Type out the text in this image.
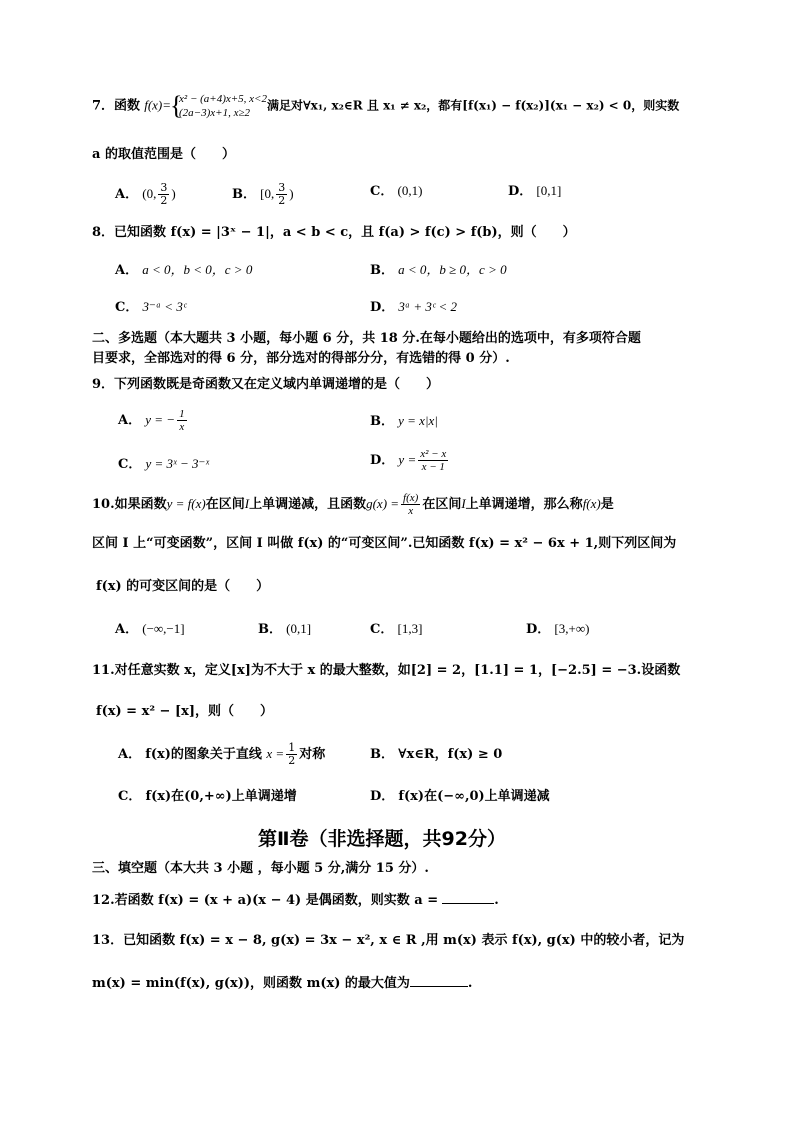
7．函数 f(x)=
{ x² − (a+4)x+5, x<2
(2a−3)x+1, x≥2
满足对∀x₁, x₂∈R 且 x₁ ≠ x₂，都有[f(x₁) − f(x₂)](x₁ − x₂) < 0，则实数
a 的取值范围是（　　）
A． (0, $\frac{3}{2}$ )	B． [0, $\frac{3}{2}$ )	C． (0,1)	D． [0,1]
8．已知函数 f(x) = |3ˣ − 1|，a < b < c，且 f(a) > f(c) > f(b)，则（　　）
A． a < 0，b < 0，c > 0	B． a < 0，b ≥ 0，c > 0
C． 3⁻ᵃ < 3ᶜ	D． 3ᵃ + 3ᶜ < 2
二、多选题（本大题共 3 小题，每小题 6 分，共 18 分.在每小题给出的选项中，有多项符合题
目要求，全部选对的得 6 分，部分选对的得部分分，有选错的得 0 分）.
9．下列函数既是奇函数又在定义域内单调递增的是（　　）
A． y = − $\frac{1}{x}$	B． y = x|x|
C． y = 3ˣ − 3⁻ˣ	D． $y = \frac{\text{x² − x}}{x - 1}$
10.如果函数y = f(x)在区间I上单调递减，且函数$g(x) = \frac{f(x)}{x}$ 在区间I上单调递增，那么称f(x)是
区间 I 上“可变函数”，区间 I 叫做 f(x) 的“可变区间”.已知函数 f(x) = x² − 6x + 1,则下列区间为
f(x) 的可变区间的是（　　）
A． (−∞,−1]	B． (0,1]	C． [1,3]	D． [3,+∞)
11.对任意实数 x，定义[x]为不大于 x 的最大整数，如[2] = 2，[1.1] = 1，[−2.5] = −3.设函数
f(x) = x² − [x]，则（　　）
A． f(x)的图象关于直线 $x = \frac{1}{2}$ 对称	B． ∀x∈R，f(x) ≥ 0
C． f(x)在(0,+∞)上单调递增	D． f(x)在(−∞,0)上单调递减
第Ⅱ卷（非选择题，共92分）
三、填空题（本大共 3 小题 ，每小题 5 分,满分 15 分）.
12.若函数 f(x) = (x + a)(x − 4) 是偶函数，则实数 a =	.
13．已知函数 f(x) = x − 8, g(x) = 3x − x², x ∈ R ,用 m(x) 表示 f(x), g(x) 中的较小者，记为
m(x) = min(f(x), g(x))，则函数 m(x) 的最大值为	.
